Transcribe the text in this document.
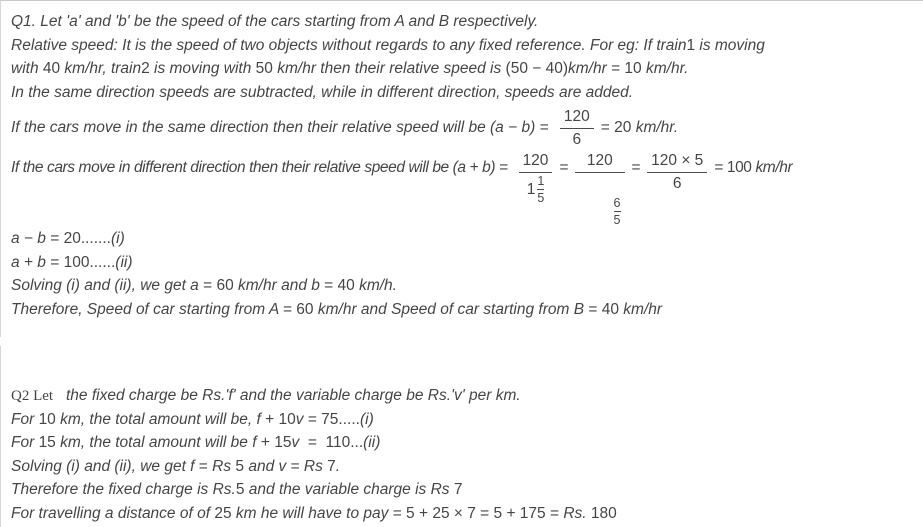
Q1. Let 'a' and 'b' be the speed of the cars starting from A and B respectively.
Relative speed: It is the speed of two objects without regards to any fixed reference. For eg: If train1 is moving
with 40 km/hr, train2 is moving with 50 km/hr then their relative speed is (50 − 40)km/hr = 10 km/hr.
In the same direction speeds are subtracted, while in different direction, speeds are added.
If the cars move in the same direction then their relative speed will be $(a - b) = \frac{120}{6} = 20$ km/hr.
If the cars move in different direction then their relative speed will be (a + b) = 120
1 1
$5 = \frac{120}{\frac{6}{5}}$

= $\frac{120 \times 5}{6} = 100$ km/hr
a − b = 20.......(i)
a + b = 100......(ii)
Solving (i) and (ii), we get a = 60 km/hr and b = 40 km/h.
Therefore, Speed of car starting from A = 60 km/hr and Speed of car starting from B = 40 km/hr
Q2 Let   the fixed charge be Rs.'f' and the variable charge be Rs.'v' per km.
For 10 km, the total amount will be, f + 10v = 75.....(i)
For 15 km, the total amount will be f + 15v  =  110...(ii)
Solving (i) and (ii), we get f = Rs 5 and v = Rs 7.
Therefore the fixed charge is Rs.5 and the variable charge is Rs 7
For travelling a distance of of 25 km he will have to pay = 5 + 25 × 7 = 5 + 175 = Rs. 180
